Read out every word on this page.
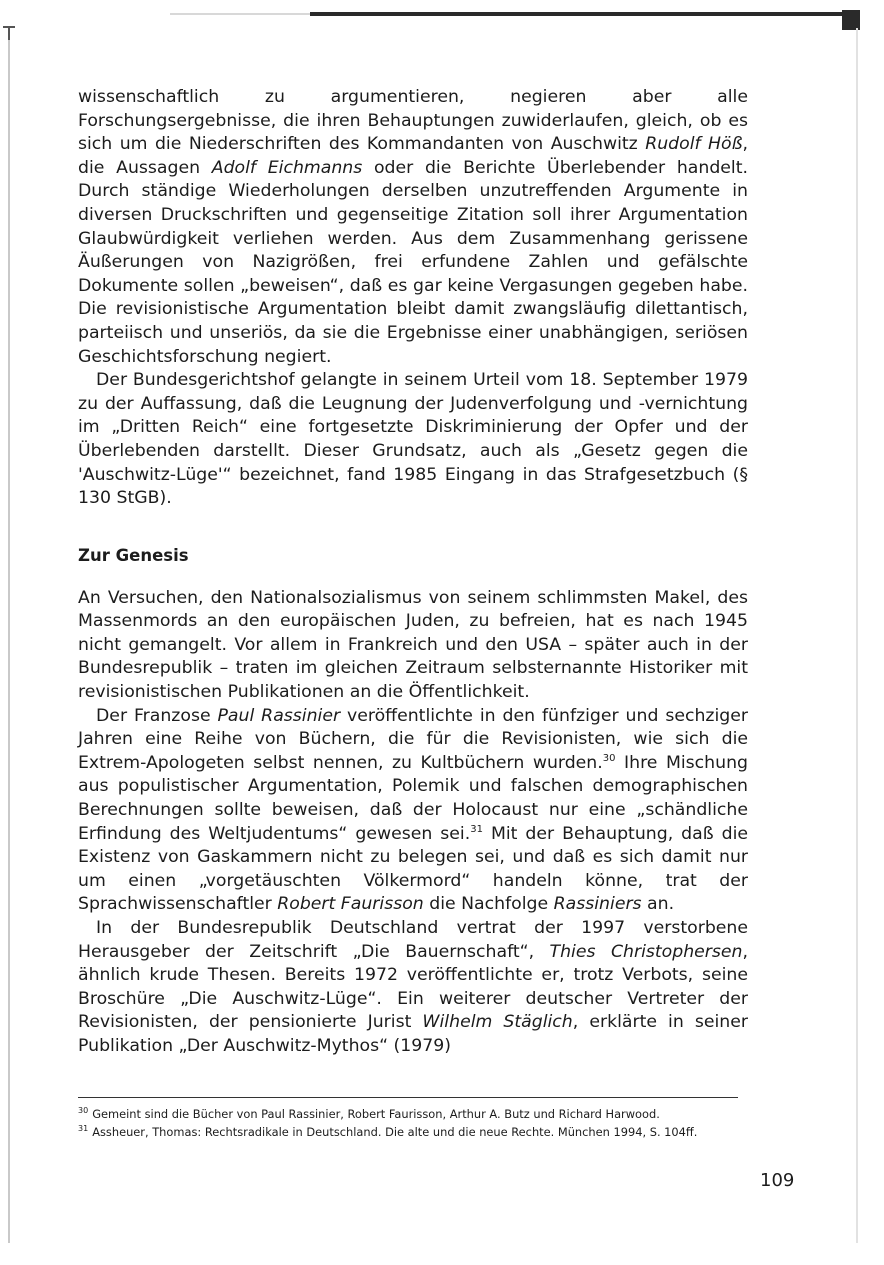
wissenschaftlich zu argumentieren, negieren aber alle Forschungsergebnisse, die ihren Behauptungen zuwiderlaufen, gleich, ob es sich um die Niederschriften des Kommandanten von Auschwitz Rudolf Höß, die Aussagen Adolf Eichmanns oder die Berichte Überlebender handelt. Durch ständige Wiederholungen derselben unzutreffenden Argumente in diversen Druckschriften und gegenseitige Zitation soll ihrer Argumentation Glaubwürdigkeit verliehen werden. Aus dem Zusammenhang gerissene Äußerungen von Nazigrößen, frei erfundene Zahlen und gefälschte Dokumente sollen „beweisen“, daß es gar keine Vergasungen gegeben habe. Die revisionistische Argumentation bleibt damit zwangsläufig dilettantisch, parteiisch und unseriös, da sie die Ergebnisse einer unabhängigen, seriösen Geschichtsforschung negiert.

Der Bundesgerichtshof gelangte in seinem Urteil vom 18. September 1979 zu der Auffassung, daß die Leugnung der Judenverfolgung und -vernichtung im „Dritten Reich“ eine fortgesetzte Diskriminierung der Opfer und der Überlebenden darstellt. Dieser Grundsatz, auch als „Gesetz gegen die 'Auschwitz-Lüge'“ bezeichnet, fand 1985 Eingang in das Strafgesetzbuch (§ 130 StGB).

Zur Genesis

An Versuchen, den Nationalsozialismus von seinem schlimmsten Makel, des Massenmords an den europäischen Juden, zu befreien, hat es nach 1945 nicht gemangelt. Vor allem in Frankreich und den USA – später auch in der Bundesrepublik – traten im gleichen Zeitraum selbsternannte Historiker mit revisionistischen Publikationen an die Öffentlichkeit.

Der Franzose Paul Rassinier veröffentlichte in den fünfziger und sechziger Jahren eine Reihe von Büchern, die für die Revisionisten, wie sich die Extrem-Apologeten selbst nennen, zu Kultbüchern wurden.$^{30}$ Ihre Mischung aus populistischer Argumentation, Polemik und falschen demographischen Berechnungen sollte beweisen, daß der Holocaust nur eine „schändliche Erfindung des Weltjudentums“ gewesen sei.$^{31}$ Mit der Behauptung, daß die Existenz von Gaskammern nicht zu belegen sei, und daß es sich damit nur um einen „vorgetäuschten Völkermord“ handeln könne, trat der Sprachwissenschaftler Robert Faurisson die Nachfolge Rassiniers an.

In der Bundesrepublik Deutschland vertrat der 1997 verstorbene Herausgeber der Zeitschrift „Die Bauernschaft“, Thies Christophersen, ähnlich krude Thesen. Bereits 1972 veröffentlichte er, trotz Verbots, seine Broschüre „Die Auschwitz-Lüge“. Ein weiterer deutscher Vertreter der Revisionisten, der pensionierte Jurist Wilhelm Stäglich, erklärte in seiner Publikation „Der Auschwitz-Mythos“ (1979)

$^{30}$ Gemeint sind die Bücher von Paul Rassinier, Robert Faurisson, Arthur A. Butz und Richard Harwood.
$^{31}$ Assheuer, Thomas: Rechtsradikale in Deutschland. Die alte und die neue Rechte. München 1994, S. 104ff.
109
